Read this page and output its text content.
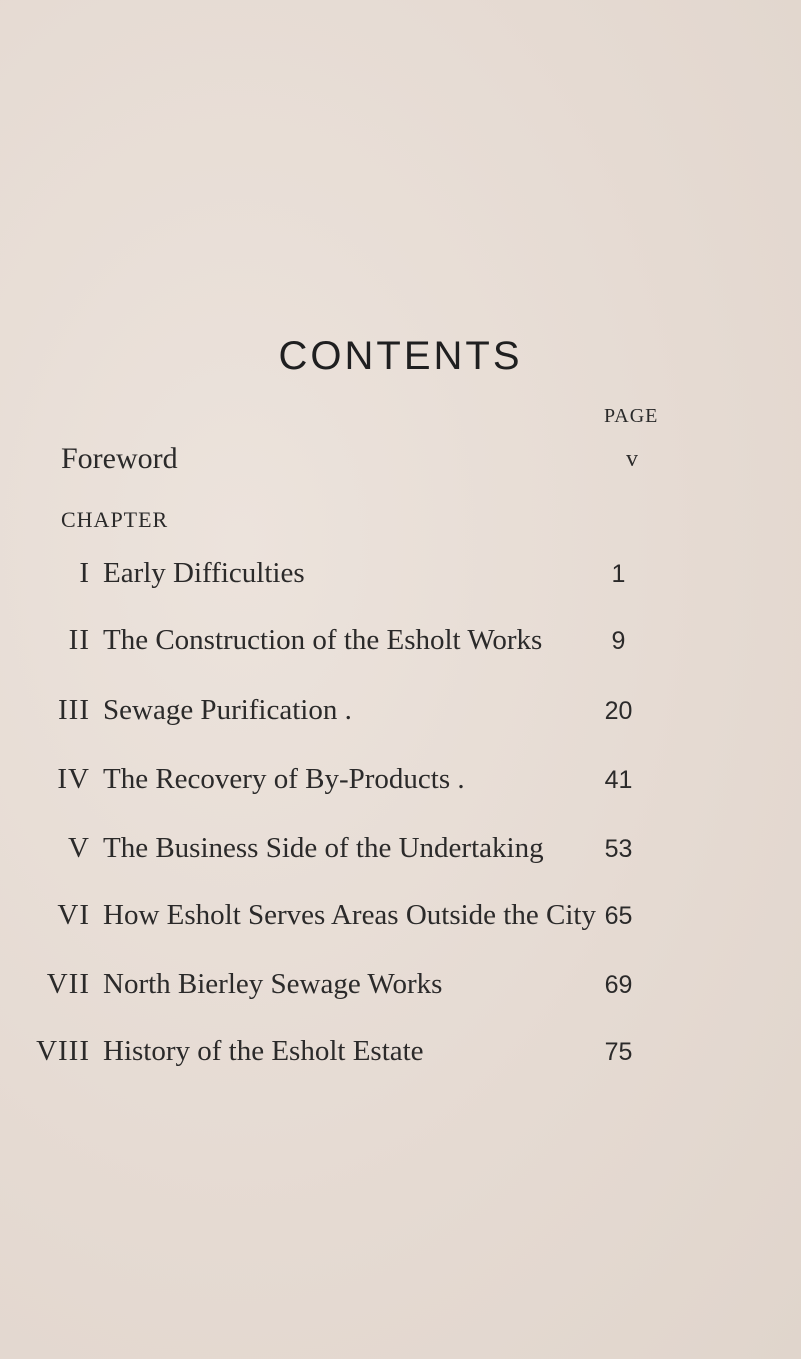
CONTENTS
PAGE
Foreword	v
CHAPTER
I Early Difficulties	1
II The Construction of the Esholt Works	9
III Sewage Purification .	20
IV The Recovery of By-Products .	41
V The Business Side of the Undertaking	53
VI How Esholt Serves Areas Outside the City 65
VII North Bierley Sewage Works	69
VIII History of the Esholt Estate	75
